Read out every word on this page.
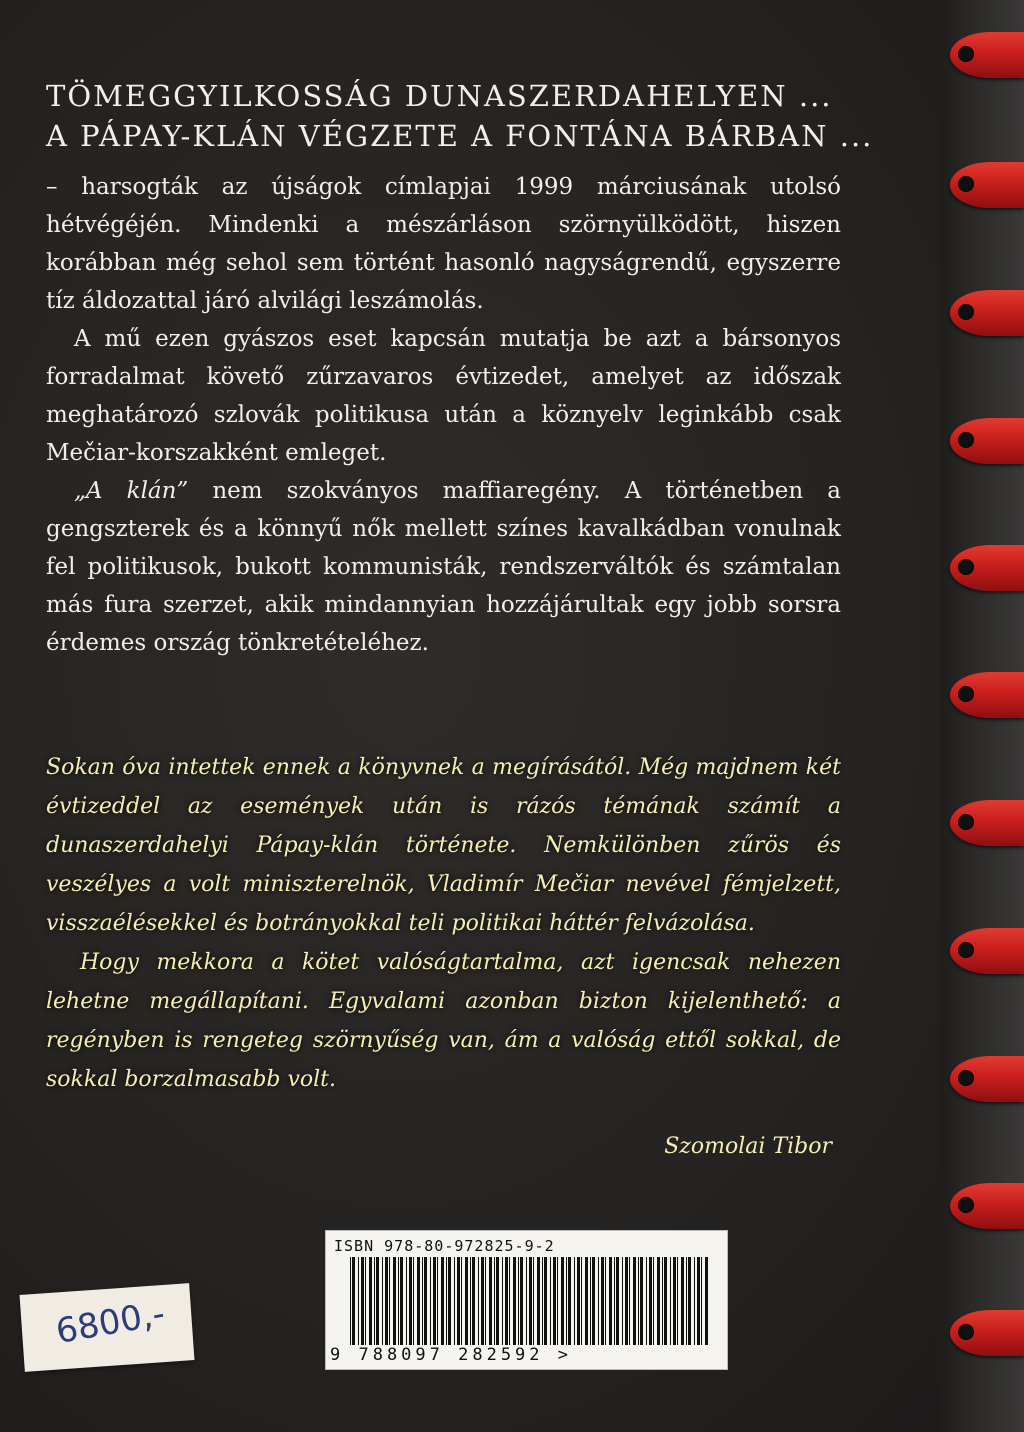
TÖMEGGYILKOSSÁG DUNASZERDAHELYEN ...
A PÁPAY-KLÁN VÉGZETE A FONTÁNA BÁRBAN ...

– harsogták az újságok címlapjai 1999 márciusának utolsó hétvégéjén. Mindenki a mészárláson szörnyülködött, hiszen korábban még sehol sem történt hasonló nagyságrendű, egyszerre tíz áldozattal járó alvilági leszámolás.

A mű ezen gyászos eset kapcsán mutatja be azt a bársonyos forradalmat követő zűrzavaros évtizedet, amelyet az időszak meghatározó szlovák politikusa után a köznyelv leginkább csak Mečiar-korszakként emleget.

„A klán” nem szokványos maffiaregény. A történetben a gengszterek és a könnyű nők mellett színes kavalkádban vonulnak fel politikusok, bukott kommunisták, rendszerváltók és számtalan más fura szerzet, akik mindannyian hozzájárultak egy jobb sorsra érdemes ország tönkretételéhez.

Sokan óva intettek ennek a könyvnek a megírásától. Még majdnem két évtizeddel az események után is rázós témának számít a dunaszerdahelyi Pápay-klán története. Nemkülönben zűrös és veszélyes a volt miniszterelnök, Vladimír Mečiar nevével fémjelzett, visszaélésekkel és botrányokkal teli politikai háttér felvázolása.

Hogy mekkora a kötet valóságtartalma, azt igencsak nehezen lehetne megállapítani. Egyvalami azonban bizton kijelenthető: a regényben is rengeteg szörnyűség van, ám a valóság ettől sokkal, de sokkal borzalmasabb volt.

Szomolai Tibor
ISBN 978-80-972825-9-2
9 788097 282592 >
6800,-
